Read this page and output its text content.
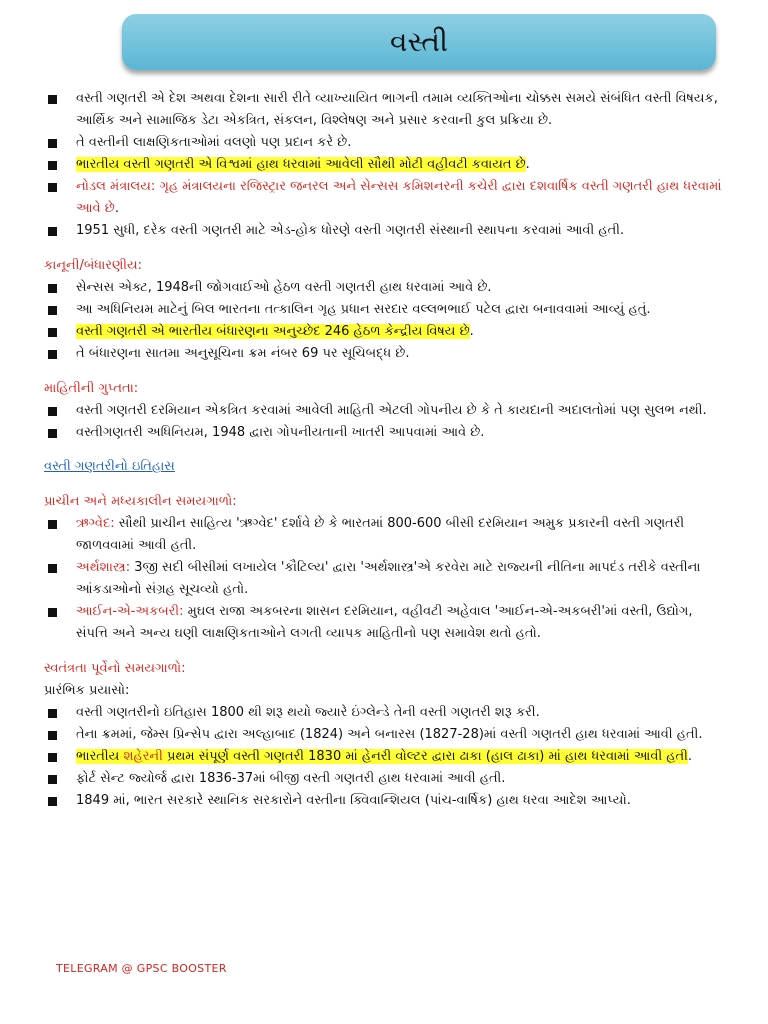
વસ્તી
વસ્તી ગણતરી એ દેશ અથવા દેશના સારી રીતે વ્યાખ્યાયિત ભાગની તમામ વ્યક્તિઓના ચોક્કસ સમયે સંબંધિત વસ્તી વિષયક, આર્થિક અને સામાજિક ડેટા એકત્રિત, સંકલન, વિશ્લેષણ અને પ્રસાર કરવાની કુલ પ્રક્રિયા છે.
તે વસ્તીની લાક્ષણિકતાઓમાં વલણો પણ પ્રદાન કરે છે.
ભારતીય વસ્તી ગણતરી એ વિશ્વમાં હાથ ધરવામાં આવેલી સૌથી મોટી વહીવટી કવાયત છે.
નોડલ મંત્રાલય: ગૃહ મંત્રાલયના રજિસ્ટ્રાર જનરલ અને સેન્સસ કમિશનરની કચેરી દ્વારા દશવાર્ષિક વસ્તી ગણતરી હાથ ધરવામાં આવે છે.
1951 સુધી, દરેક વસ્તી ગણતરી માટે એડ-હોક ધોરણે વસ્તી ગણતરી સંસ્થાની સ્થાપના કરવામાં આવી હતી.
કાનૂની/બંધારણીય:
સેન્સસ એક્ટ, 1948ની જોગવાઈઓ હેઠળ વસ્તી ગણતરી હાથ ધરવામાં આવે છે.
આ અધિનિયમ માટેનું બિલ ભારતના તત્કાલિન ગૃહ પ્રધાન સરદાર વલ્લભભાઈ પટેલ દ્વારા બનાવવામાં આવ્યું હતું.
વસ્તી ગણતરી એ ભારતીય બંધારણના અનુચ્છેદ 246 હેઠળ કેન્દ્રીય વિષય છે.
તે બંધારણના સાતમા અનુસૂચિના ક્રમ નંબર 69 પર સૂચિબદ્ધ છે.
માહિતીની ગુપ્તતા:
વસ્તી ગણતરી દરમિયાન એકત્રિત કરવામાં આવેલી માહિતી એટલી ગોપનીય છે કે તે કાયદાની અદાલતોમાં પણ સુલભ નથી.
વસ્તીગણતરી અધિનિયમ, 1948 દ્વારા ગોપનીયતાની ખાતરી આપવામાં આવે છે.

વસ્તી ગણતરીનો ઇતિહાસ

પ્રાચીન અને મધ્યકાલીન સમયગાળો:
ઋગ્વેદ: સૌથી પ્રાચીન સાહિત્ય 'ઋગ્વેદ' દર્શાવે છે કે ભારતમાં 800-600 બીસી દરમિયાન અમુક પ્રકારની વસ્તી ગણતરી જાળવવામાં આવી હતી.
અર્થશાસ્ત્ર: 3જી સદી બીસીમાં લખાયેલ 'કૌટિલ્ય' દ્વારા 'અર્થશાસ્ત્ર'એ કરવેરા માટે રાજ્યની નીતિના માપદંડ તરીકે વસ્તીના આંકડાઓનો સંગ્રહ સૂચવ્યો હતો.
આઈન-એ-અકબરી: મુઘલ રાજા અકબરના શાસન દરમિયાન, વહીવટી અહેવાલ 'આઈન-એ-અકબરી'માં વસ્તી, ઉદ્યોગ, સંપત્તિ અને અન્ય ઘણી લાક્ષણિકતાઓને લગતી વ્યાપક માહિતીનો પણ સમાવેશ થતો હતો.
સ્વતંત્રતા પૂર્વેનો સમયગાળો:
પ્રારંભિક પ્રયાસો:
વસ્તી ગણતરીનો ઇતિહાસ 1800 થી શરૂ થયો જ્યારે ઇંગ્લેન્ડે તેની વસ્તી ગણતરી શરૂ કરી.
તેના ક્રમમાં, જેમ્સ પ્રિન્સેપ દ્વારા અલ્હાબાદ (1824) અને બનારસ (1827-28)માં વસ્તી ગણતરી હાથ ધરવામાં આવી હતી.
ભારતીય શહેરની પ્રથમ સંપૂર્ણ વસ્તી ગણતરી 1830 માં હેનરી વોલ્ટર દ્વારા ઢાકા (હાલ ઢાકા) માં હાથ ધરવામાં આવી હતી.
ફોર્ટ સેન્ટ જ્યોર્જ દ્વારા 1836-37માં બીજી વસ્તી ગણતરી હાથ ધરવામાં આવી હતી.
1849 માં, ભારત સરકારે સ્થાનિક સરકારોને વસ્તીના ક્વિવાન્શિયલ (પાંચ-વાર્ષિક) હાથ ધરવા આદેશ આપ્યો.
TELEGRAM @ GPSC BOOSTER
